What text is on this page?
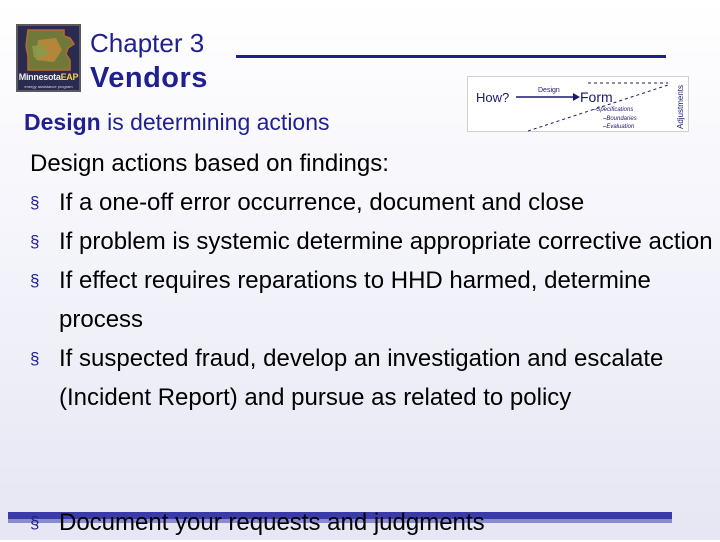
MinnesotaEAP
energy assistance program
Chapter 3
Vendors
How?	Design Form
–Specifications
–Boundaries
–Evaluation	Adjustments
Design is determining actions

Design actions based on findings:

§ If a one-off error occurrence, document and close
§ If problem is systemic determine appropriate corrective action
§ If effect requires reparations to HHD harmed, determine process
§ If suspected fraud, develop an investigation and escalate (Incident Report) and pursue as related to policy
§ Document your requests and judgments
